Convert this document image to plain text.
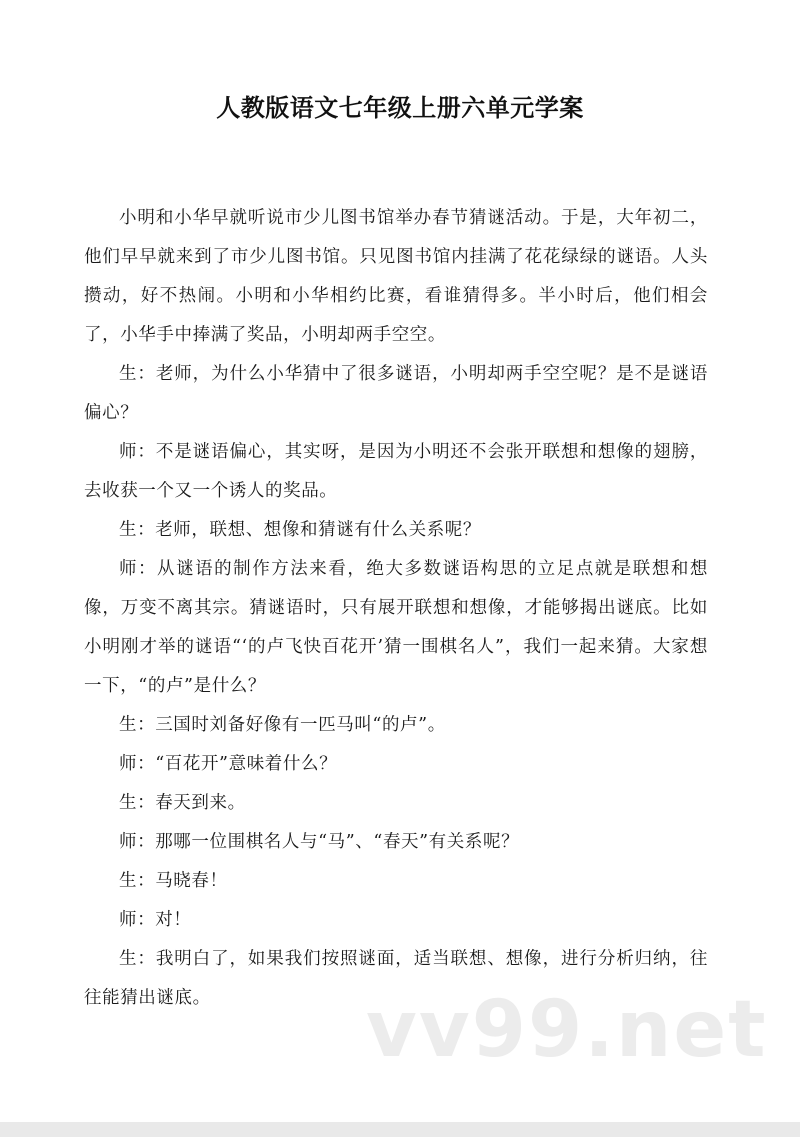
人教版语文七年级上册六单元学案

小明和小华早就听说市少儿图书馆举办春节猜谜活动。于是，大年初二，他们早早就来到了市少儿图书馆。只见图书馆内挂满了花花绿绿的谜语。人头攒动，好不热闹。小明和小华相约比赛，看谁猜得多。半小时后，他们相会了，小华手中捧满了奖品，小明却两手空空。

生：老师，为什么小华猜中了很多谜语，小明却两手空空呢？是不是谜语偏心？

师：不是谜语偏心，其实呀，是因为小明还不会张开联想和想像的翅膀，去收获一个又一个诱人的奖品。

生：老师，联想、想像和猜谜有什么关系呢？

师：从谜语的制作方法来看，绝大多数谜语构思的立足点就是联想和想像，万变不离其宗。猜谜语时，只有展开联想和想像，才能够揭出谜底。比如小明刚才举的谜语“‘的卢飞快百花开’猜一围棋名人”，我们一起来猜。大家想一下，“的卢”是什么？

生：三国时刘备好像有一匹马叫“的卢”。

师：“百花开”意味着什么？

生：春天到来。

师：那哪一位围棋名人与“马”、“春天”有关系呢？

生：马晓春！

师：对！

生：我明白了，如果我们按照谜面，适当联想、想像，进行分析归纳，往往能猜出谜底。	vv99.net
